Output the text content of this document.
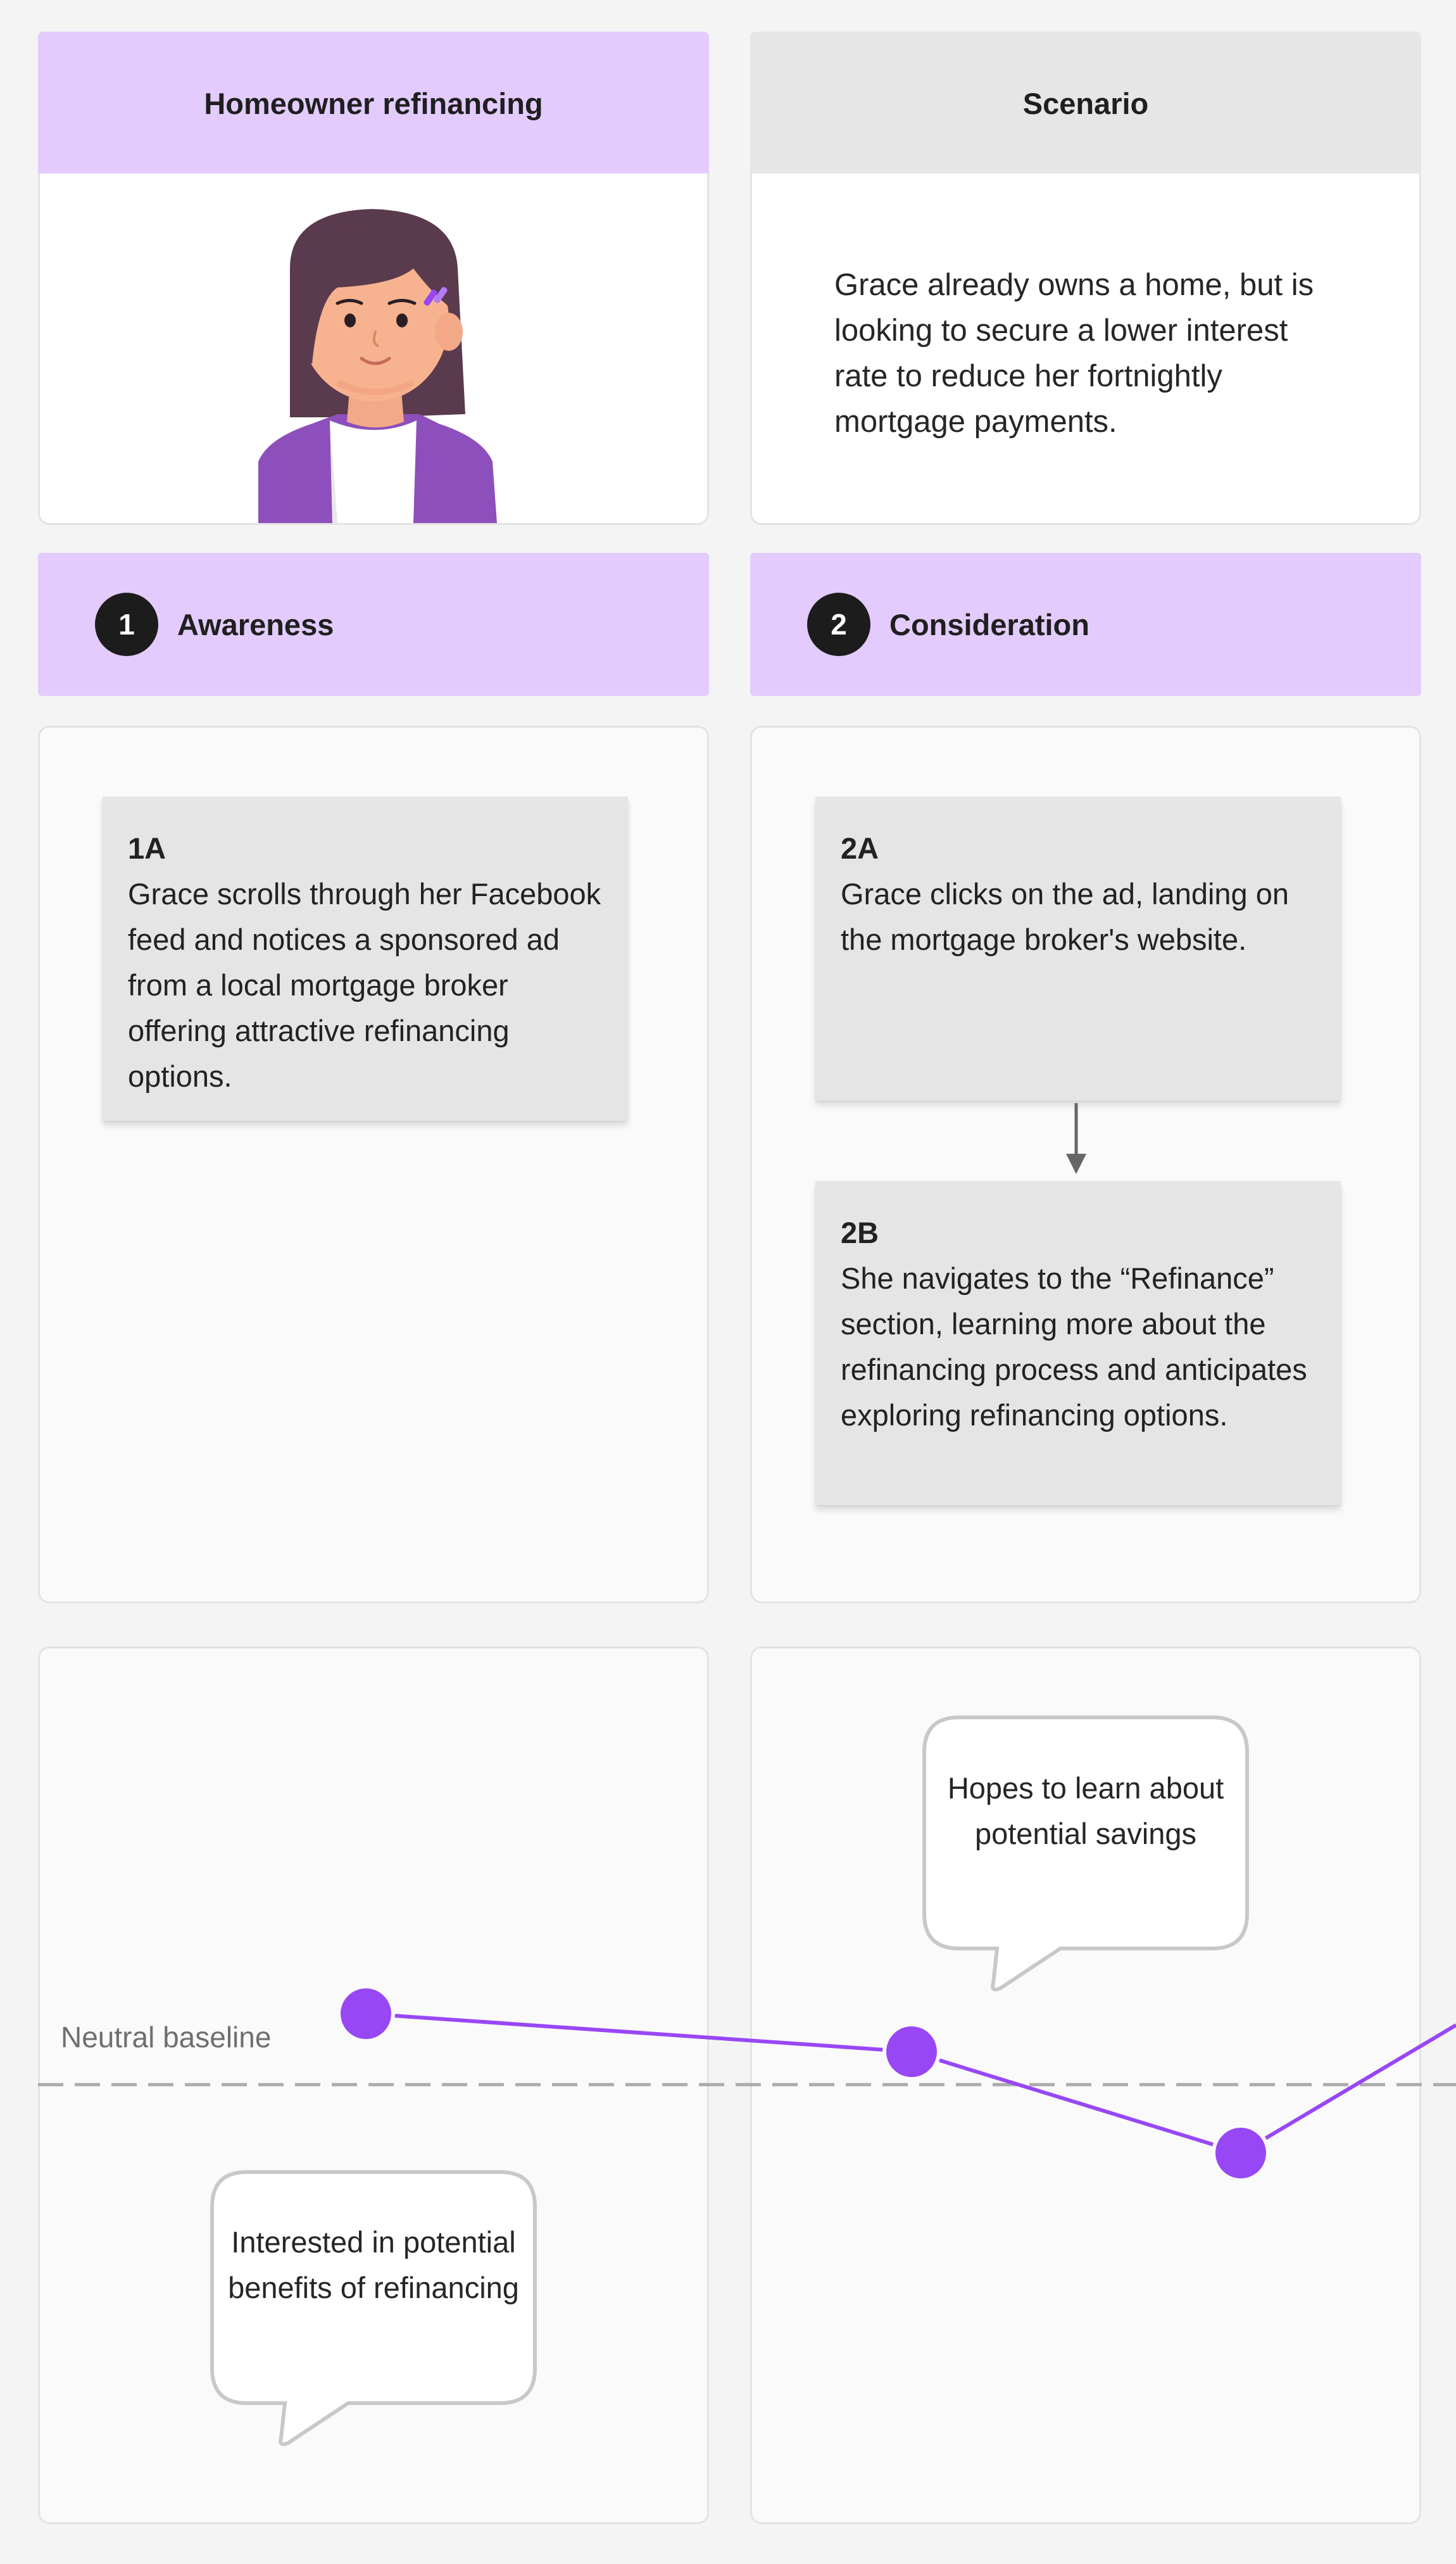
Homeowner refinancing	Scenario
Grace already owns a home, but is looking to secure a lower interest rate to reduce her fortnightly mortgage payments.
1	Awareness	2	Consideration
1A
Grace scrolls through her Facebook feed and notices a sponsored ad from a local mortgage broker offering attractive refinancing options.
2A
Grace clicks on the ad, landing on the mortgage broker's website.
2B
She navigates to the “Refinance” section, learning more about the refinancing process and anticipates exploring refinancing options.
Neutral baseline
Interested in potential benefits of refinancing
Hopes to learn about potential savings
